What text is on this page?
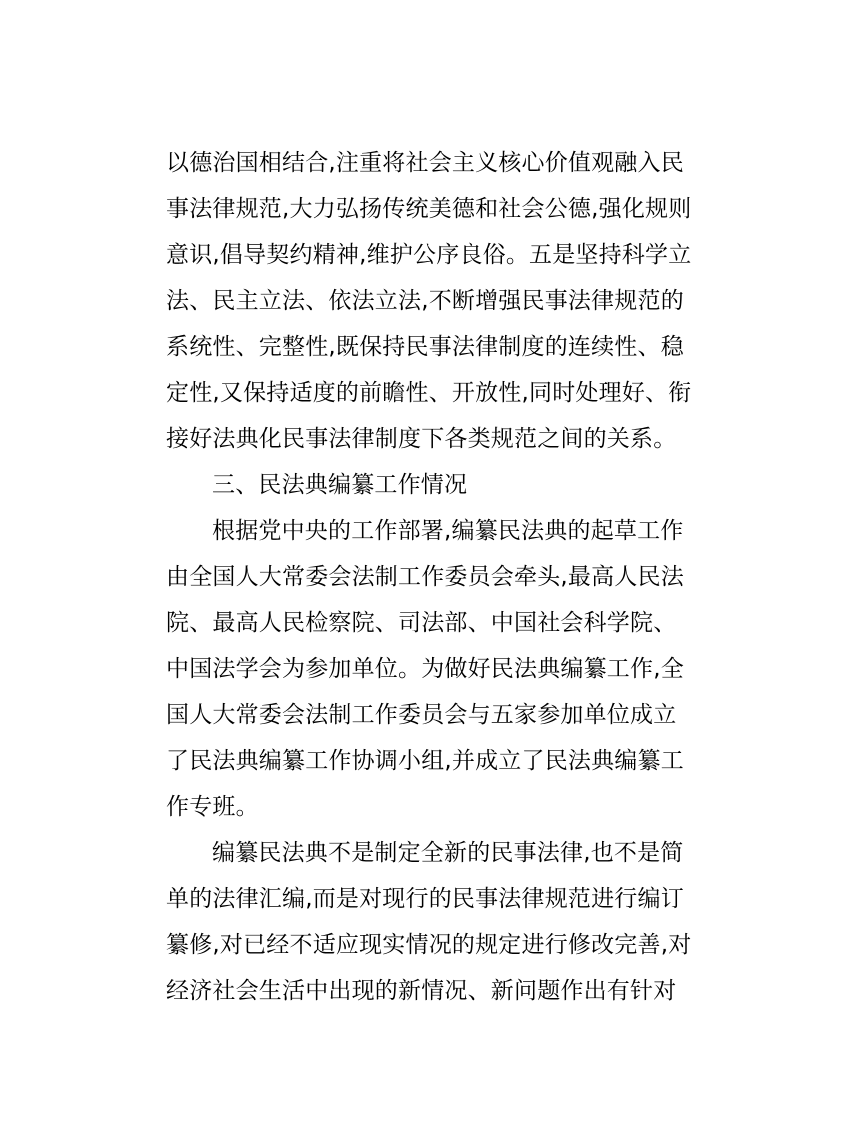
以德治国相结合,注重将社会主义核心价值观融入民
事法律规范,大力弘扬传统美德和社会公德,强化规则
意识,倡导契约精神,维护公序良俗。五是坚持科学立
法、民主立法、依法立法,不断增强民事法律规范的
系统性、完整性,既保持民事法律制度的连续性、稳
定性,又保持适度的前瞻性、开放性,同时处理好、衔
接好法典化民事法律制度下各类规范之间的关系。
三、民法典编纂工作情况
根据党中央的工作部署,编纂民法典的起草工作
由全国人大常委会法制工作委员会牵头,最高人民法
院、最高人民检察院、司法部、中国社会科学院、
中国法学会为参加单位。为做好民法典编纂工作,全
国人大常委会法制工作委员会与五家参加单位成立
了民法典编纂工作协调小组,并成立了民法典编纂工
作专班。
编纂民法典不是制定全新的民事法律,也不是简
单的法律汇编,而是对现行的民事法律规范进行编订
纂修,对已经不适应现实情况的规定进行修改完善,对
经济社会生活中出现的新情况、新问题作出有针对
